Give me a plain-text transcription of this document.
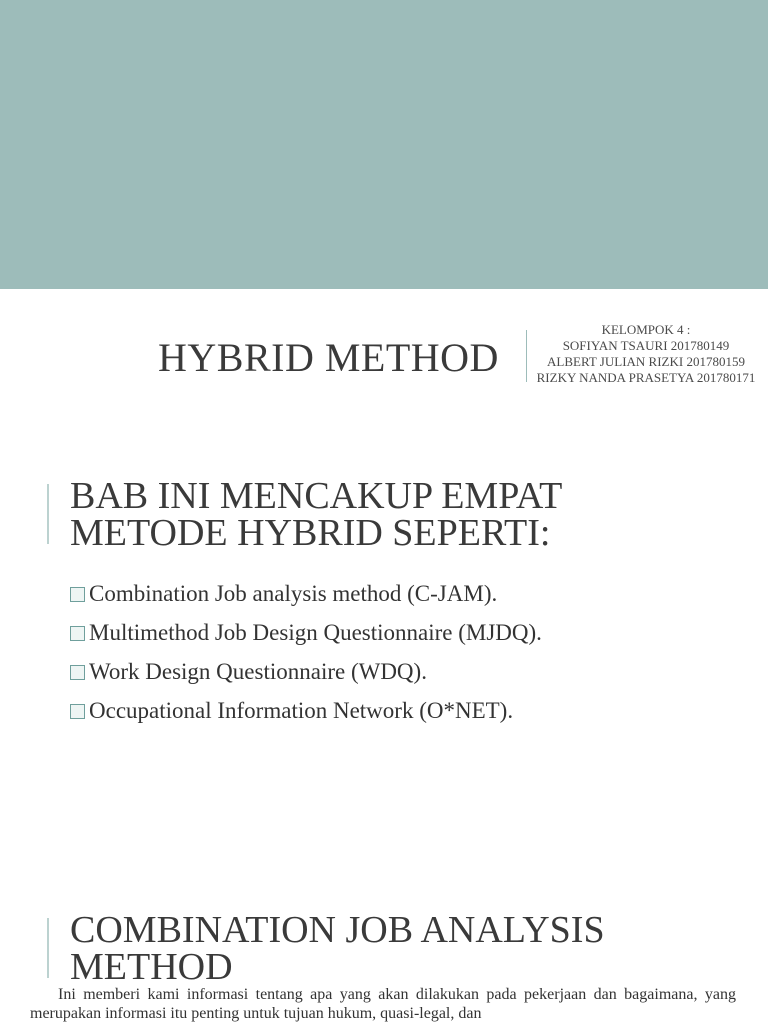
HYBRID METHOD
KELOMPOK 4 :
SOFIYAN TSAURI 201780149
ALBERT JULIAN RIZKI 201780159
RIZKY NANDA PRASETYA 201780171
BAB INI MENCAKUP EMPAT
METODE HYBRID SEPERTI:
Combination Job analysis method (C-JAM).
Multimethod Job Design Questionnaire (MJDQ).
Work Design Questionnaire (WDQ).
Occupational Information Network (O*NET).
COMBINATION JOB ANALYSIS
METHOD
Ini memberi kami informasi tentang apa yang akan dilakukan pada pekerjaan dan bagaimana, yang merupakan informasi itu penting untuk tujuan hukum, quasi-legal, dan
